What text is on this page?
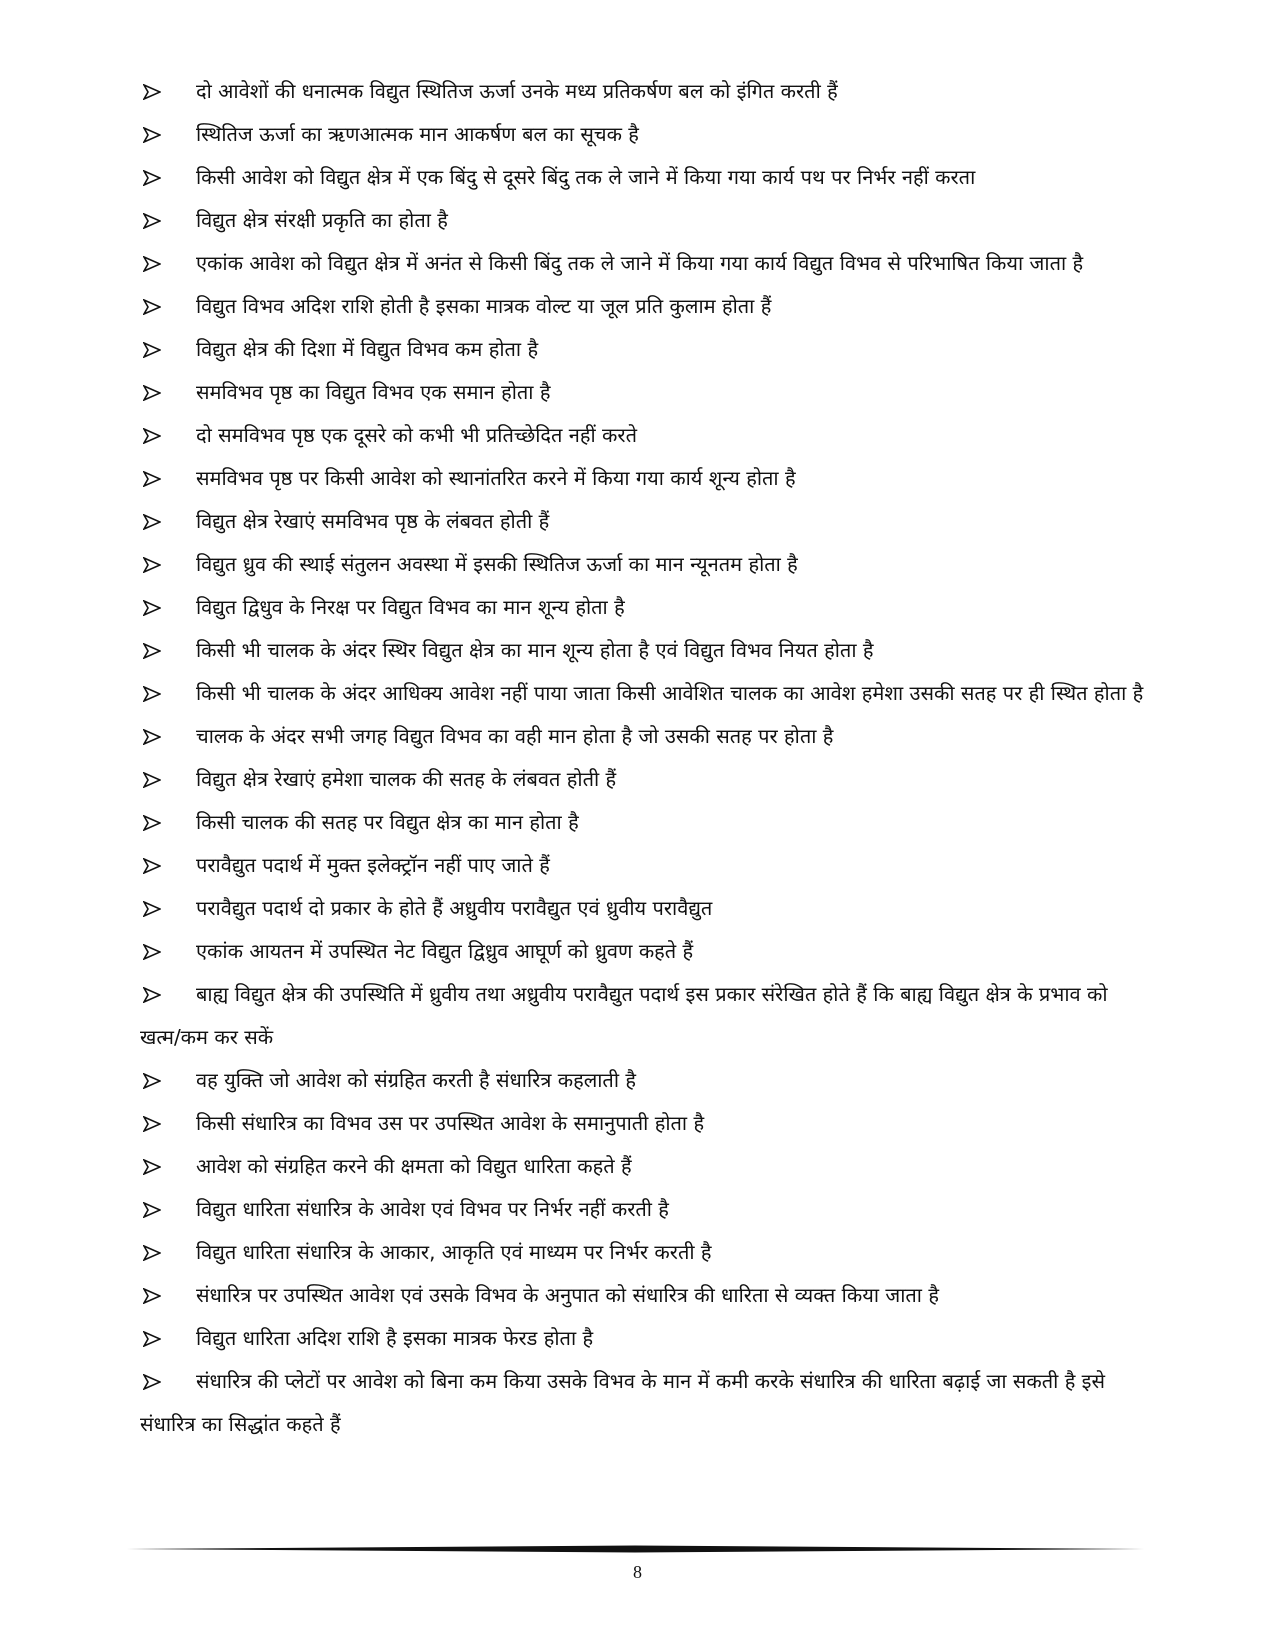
दो आवेशों की धनात्मक विद्युत स्थितिज ऊर्जा उनके मध्य प्रतिकर्षण बल को इंगित करती हैं
स्थितिज ऊर्जा का ऋणआत्मक मान आकर्षण बल का सूचक है
किसी आवेश को विद्युत क्षेत्र में एक बिंदु से दूसरे बिंदु तक ले जाने में किया गया कार्य पथ पर निर्भर नहीं करता
विद्युत क्षेत्र संरक्षी प्रकृति का होता है
एकांक आवेश को विद्युत क्षेत्र में अनंत से किसी बिंदु तक ले जाने में किया गया कार्य विद्युत विभव से परिभाषित किया जाता है
विद्युत विभव अदिश राशि होती है इसका मात्रक वोल्ट या जूल प्रति कुलाम होता हैं
विद्युत क्षेत्र की दिशा में विद्युत विभव कम होता है
समविभव पृष्ठ का विद्युत विभव एक समान होता है
दो समविभव पृष्ठ एक दूसरे को कभी भी प्रतिच्छेदित नहीं करते
समविभव पृष्ठ पर किसी आवेश को स्थानांतरित करने में किया गया कार्य शून्य होता है
विद्युत क्षेत्र रेखाएं समविभव पृष्ठ के लंबवत होती हैं
विद्युत ध्रुव की स्थाई संतुलन अवस्था में इसकी स्थितिज ऊर्जा का मान न्यूनतम होता है
विद्युत द्विधुव के निरक्ष पर विद्युत विभव का मान शून्य होता है
किसी भी चालक के अंदर स्थिर विद्युत क्षेत्र का मान शून्य होता है एवं विद्युत विभव नियत होता है
किसी भी चालक के अंदर आधिक्य आवेश नहीं पाया जाता किसी आवेशित चालक का आवेश हमेशा उसकी सतह पर ही स्थित होता है
चालक के अंदर सभी जगह विद्युत विभव का वही मान होता है जो उसकी सतह पर होता है
विद्युत क्षेत्र रेखाएं हमेशा चालक की सतह के लंबवत होती हैं
किसी चालक की सतह पर विद्युत क्षेत्र का मान होता है
परावैद्युत पदार्थ में मुक्त इलेक्ट्रॉन नहीं पाए जाते हैं
परावैद्युत पदार्थ दो प्रकार के होते हैं अध्रुवीय परावैद्युत एवं ध्रुवीय परावैद्युत
एकांक आयतन में उपस्थित नेट विद्युत द्विध्रुव आघूर्ण को ध्रुवण कहते हैं
बाह्य विद्युत क्षेत्र की उपस्थिति में ध्रुवीय तथा अध्रुवीय परावैद्युत पदार्थ इस प्रकार संरेखित होते हैं कि बाह्य विद्युत क्षेत्र के प्रभाव को खत्म/कम कर सकें
वह युक्ति जो आवेश को संग्रहित करती है संधारित्र कहलाती है
किसी संधारित्र का विभव उस पर उपस्थित आवेश के समानुपाती होता है
आवेश को संग्रहित करने की क्षमता को विद्युत धारिता कहते हैं
विद्युत धारिता संधारित्र के आवेश एवं विभव पर निर्भर नहीं करती है
विद्युत धारिता संधारित्र के आकार, आकृति एवं माध्यम पर निर्भर करती है
संधारित्र पर उपस्थित आवेश एवं उसके विभव के अनुपात को संधारित्र की धारिता से व्यक्त किया जाता है
विद्युत धारिता अदिश राशि है इसका मात्रक फेरड होता है
संधारित्र की प्लेटों पर आवेश को बिना कम किया उसके विभव के मान में कमी करके संधारित्र की धारिता बढ़ाई जा सकती है इसे संधारित्र का सिद्धांत कहते हैं
8
